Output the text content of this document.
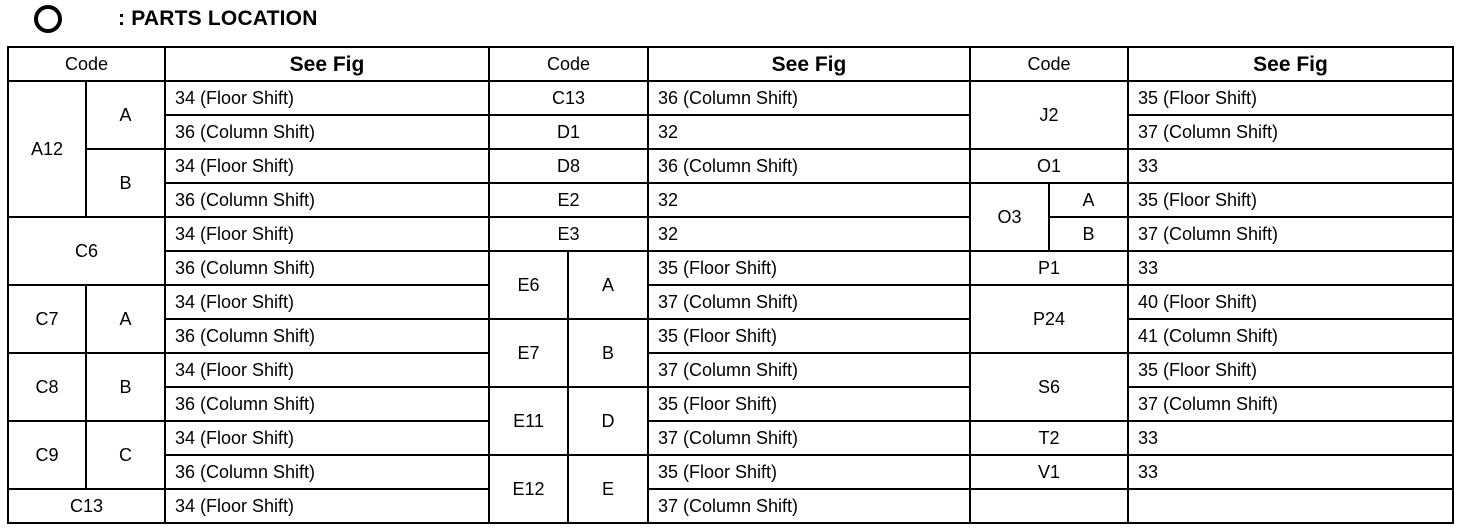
: PARTS LOCATION
Code		See Fig	Code		See Fig	Code		See Fig
A12	A	34 (Floor Shift)	C13		36 (Column Shift)	J2		35 (Floor Shift)
		36 (Column Shift)	D1		32			37 (Column Shift)
	B	34 (Floor Shift)	D8		36 (Column Shift)	O1		33
		36 (Column Shift)	E2		32	O3	A	35 (Floor Shift)
C6		34 (Floor Shift)	E3		32		B	37 (Column Shift)
		36 (Column Shift)	E6	A	35 (Floor Shift)	P1		33
C7	A	34 (Floor Shift)			37 (Column Shift)	P24		40 (Floor Shift)
		36 (Column Shift)	E7	B	35 (Floor Shift)			41 (Column Shift)
C8	B	34 (Floor Shift)			37 (Column Shift)	S6		35 (Floor Shift)
		36 (Column Shift)	E11	D	35 (Floor Shift)			37 (Column Shift)
C9	C	34 (Floor Shift)			37 (Column Shift)	T2		33
		36 (Column Shift)	E12	E	35 (Floor Shift)	V1		33
C13		34 (Floor Shift)			37 (Column Shift)			
